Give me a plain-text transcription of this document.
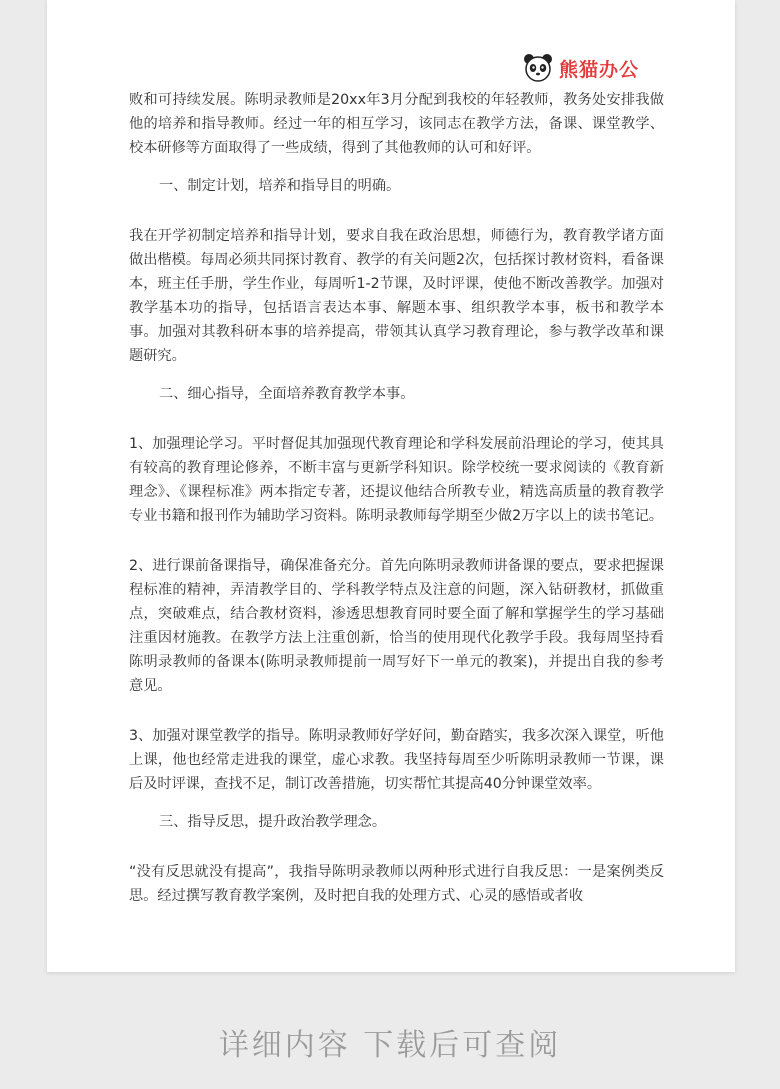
熊猫办公

败和可持续发展。陈明录教师是20xx年3月分配到我校的年轻教师，教务处安排我做他的培养和指导教师。经过一年的相互学习，该同志在教学方法，备课、课堂教学、校本研修等方面取得了一些成绩，得到了其他教师的认可和好评。

一、制定计划，培养和指导目的明确。

我在开学初制定培养和指导计划，要求自我在政治思想，师德行为，教育教学诸方面做出楷模。每周必须共同探讨教育、教学的有关问题2次，包括探讨教材资料，看备课本，班主任手册，学生作业，每周听1-2节课，及时评课，使他不断改善教学。加强对教学基本功的指导，包括语言表达本事、解题本事、组织教学本事，板书和教学本事。加强对其教科研本事的培养提高，带领其认真学习教育理论，参与教学改革和课题研究。

二、细心指导，全面培养教育教学本事。

1、加强理论学习。平时督促其加强现代教育理论和学科发展前沿理论的学习，使其具有较高的教育理论修养，不断丰富与更新学科知识。除学校统一要求阅读的《教育新理念》、《课程标准》两本指定专著，还提议他结合所教专业，精选高质量的教育教学专业书籍和报刊作为辅助学习资料。陈明录教师每学期至少做2万字以上的读书笔记。

2、进行课前备课指导，确保准备充分。首先向陈明录教师讲备课的要点，要求把握课程标准的精神，弄清教学目的、学科教学特点及注意的问题，深入钻研教材，抓做重点，突破难点，结合教材资料，渗透思想教育同时要全面了解和掌握学生的学习基础注重因材施教。在教学方法上注重创新，恰当的使用现代化教学手段。我每周坚持看陈明录教师的备课本(陈明录教师提前一周写好下一单元的教案)，并提出自我的参考意见。

3、加强对课堂教学的指导。陈明录教师好学好问，勤奋踏实，我多次深入课堂，听他上课，他也经常走进我的课堂，虚心求教。我坚持每周至少听陈明录教师一节课，课后及时评课，查找不足，制订改善措施，切实帮忙其提高40分钟课堂效率。

三、指导反思，提升政治教学理念。

“没有反思就没有提高”，我指导陈明录教师以两种形式进行自我反思：一是案例类反思。经过撰写教育教学案例，及时把自我的处理方式、心灵的感悟或者收

详细内容 下载后可查阅
